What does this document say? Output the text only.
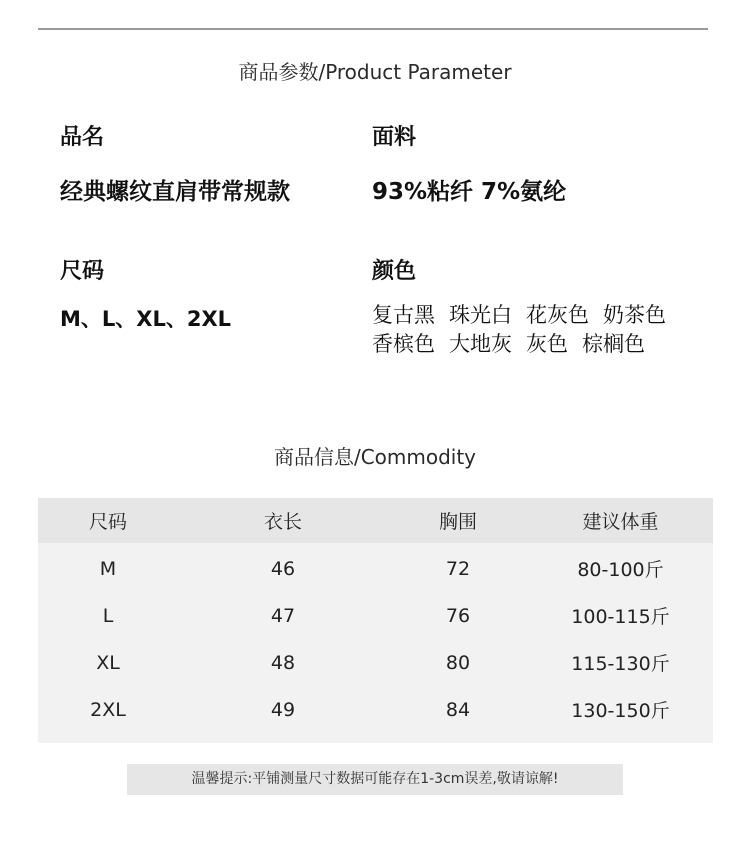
商品参数/Product Parameter
品名
经典螺纹直肩带常规款
面料
93%粘纤 7%氨纶
尺码
M、L、XL、2XL
颜色
复古黑 珠光白 花灰色 奶茶色
香槟色 大地灰 灰色 棕榈色
商品信息/Commodity
尺码	衣长	胸围	建议体重
M	46	72	80-100斤
L	47	76	100-115斤
XL	48	80	115-130斤
2XL	49	84	130-150斤
温馨提示:平铺测量尺寸数据可能存在1-3cm误差,敬请谅解!
